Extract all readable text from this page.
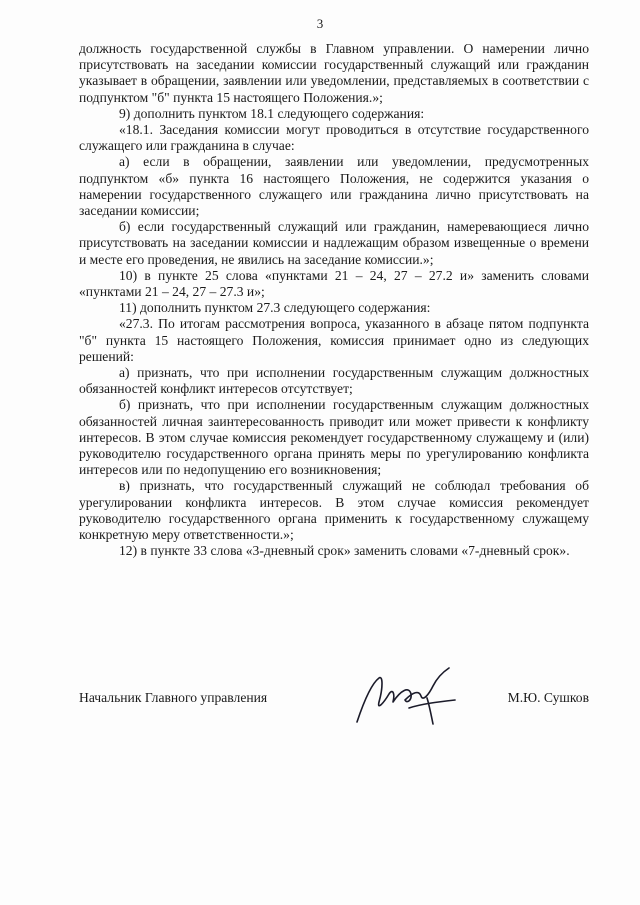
3

должность государственной службы в Главном управлении. О намерении лично присутствовать на заседании комиссии государственный служащий или гражданин указывает в обращении, заявлении или уведомлении, представляемых в соответствии с подпунктом "б" пункта 15 настоящего Положения.»;

9) дополнить пунктом 18.1 следующего содержания:

«18.1. Заседания комиссии могут проводиться в отсутствие государственного служащего или гражданина в случае:

а) если в обращении, заявлении или уведомлении, предусмотренных подпунктом «б» пункта 16 настоящего Положения, не содержится указания о намерении государственного служащего или гражданина лично присутствовать на заседании комиссии;

б) если государственный служащий или гражданин, намеревающиеся лично присутствовать на заседании комиссии и надлежащим образом извещенные о времени и месте его проведения, не явились на заседание комиссии.»;

10) в пункте 25 слова «пунктами 21 – 24, 27 – 27.2 и» заменить словами «пунктами 21 – 24, 27 – 27.3 и»;

11) дополнить пунктом 27.3 следующего содержания:

«27.3. По итогам рассмотрения вопроса, указанного в абзаце пятом подпункта "б" пункта 15 настоящего Положения, комиссия принимает одно из следующих решений:

а) признать, что при исполнении государственным служащим должностных обязанностей конфликт интересов отсутствует;

б) признать, что при исполнении государственным служащим должностных обязанностей личная заинтересованность приводит или может привести к конфликту интересов. В этом случае комиссия рекомендует государственному служащему и (или) руководителю государственного органа принять меры по урегулированию конфликта интересов или по недопущению его возникновения;

в) признать, что государственный служащий не соблюдал требования об урегулировании конфликта интересов. В этом случае комиссия рекомендует руководителю государственного органа применить к государственному служащему конкретную меру ответственности.»;

12) в пункте 33 слова «3-дневный срок» заменить словами «7-дневный срок».

Начальник Главного управления	М.Ю. Сушков
